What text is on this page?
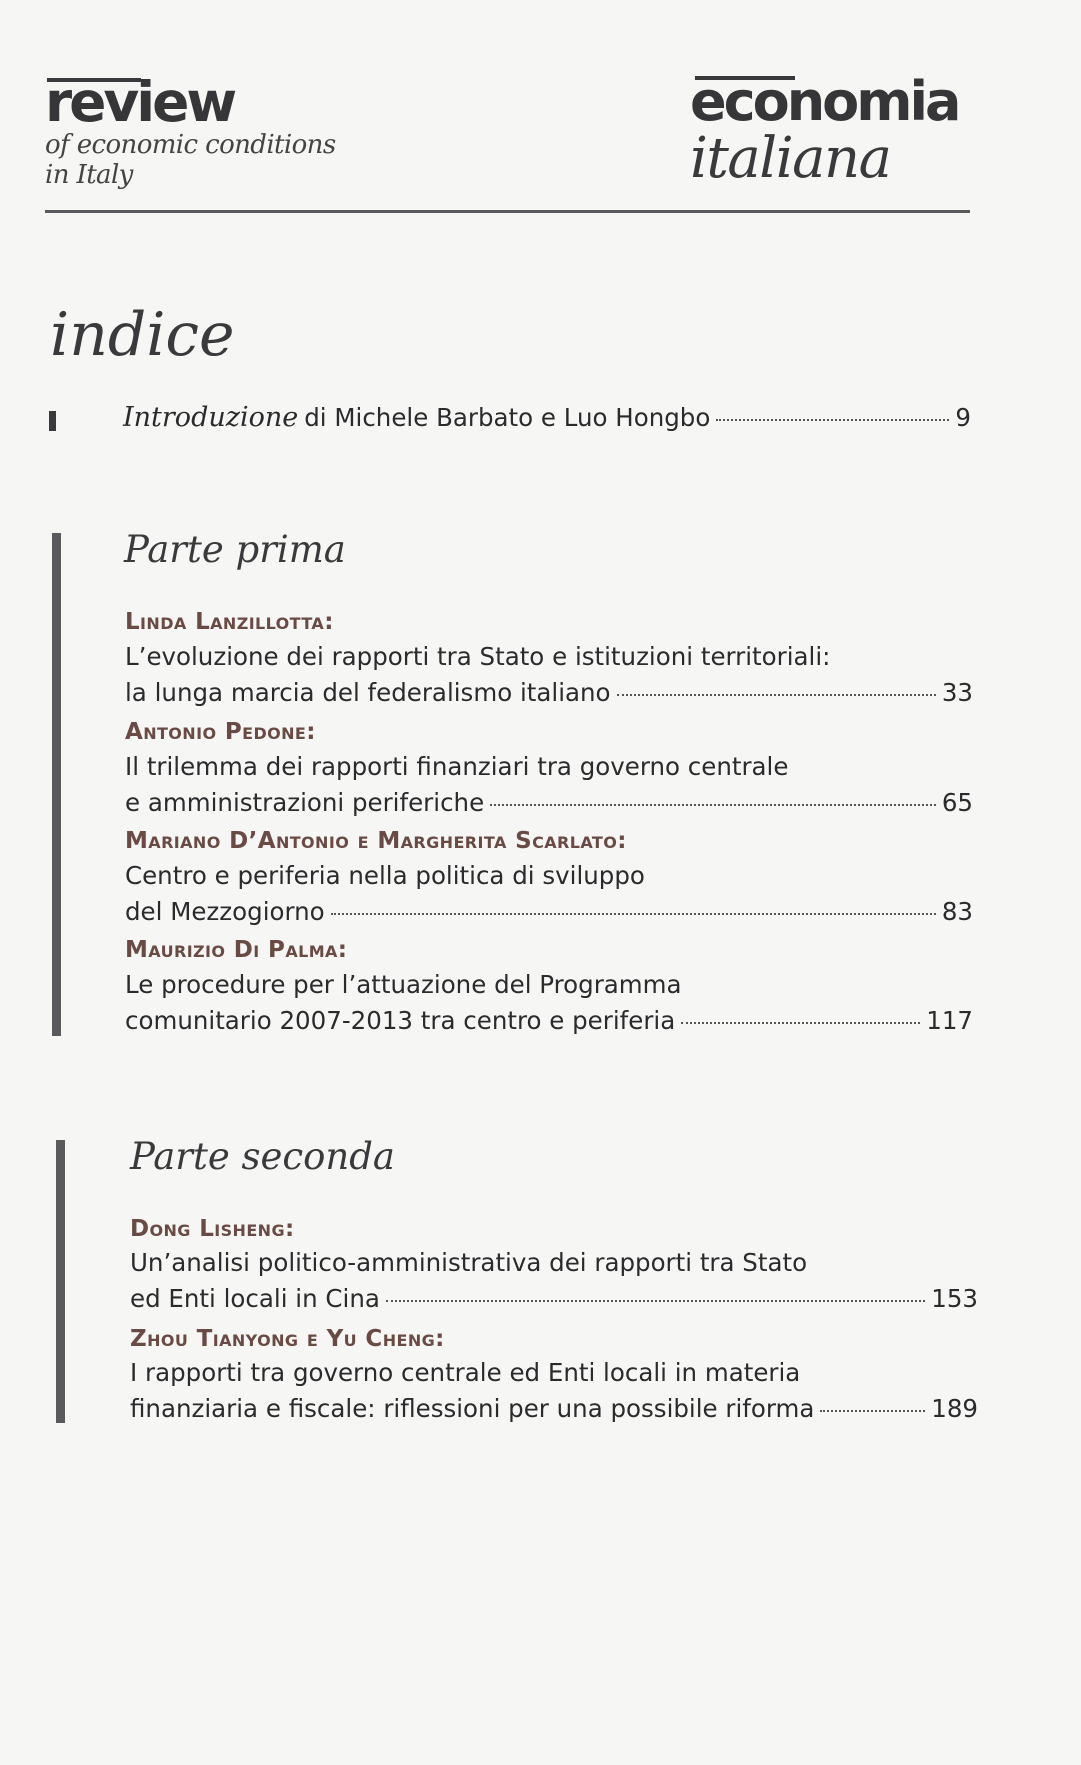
review
of economic conditions
in Italy
economia
italiana
indice
Introduzione di Michele Barbato e Luo Hongbo	9
Parte prima
Linda Lanzillotta:
L’evoluzione dei rapporti tra Stato e istituzioni territoriali:
la lunga marcia del federalismo italiano	33
Antonio Pedone:
Il trilemma dei rapporti finanziari tra governo centrale
e amministrazioni periferiche	65
Mariano D’Antonio e Margherita Scarlato:
Centro e periferia nella politica di sviluppo
del Mezzogiorno	83
Maurizio Di Palma:
Le procedure per l’attuazione del Programma
comunitario 2007-2013 tra centro e periferia	117
Parte seconda
Dong Lisheng:
Un’analisi politico-amministrativa dei rapporti tra Stato
ed Enti locali in Cina	153
Zhou Tianyong e Yu Cheng:
I rapporti tra governo centrale ed Enti locali in materia
finanziaria e fiscale: riflessioni per una possibile riforma	189
